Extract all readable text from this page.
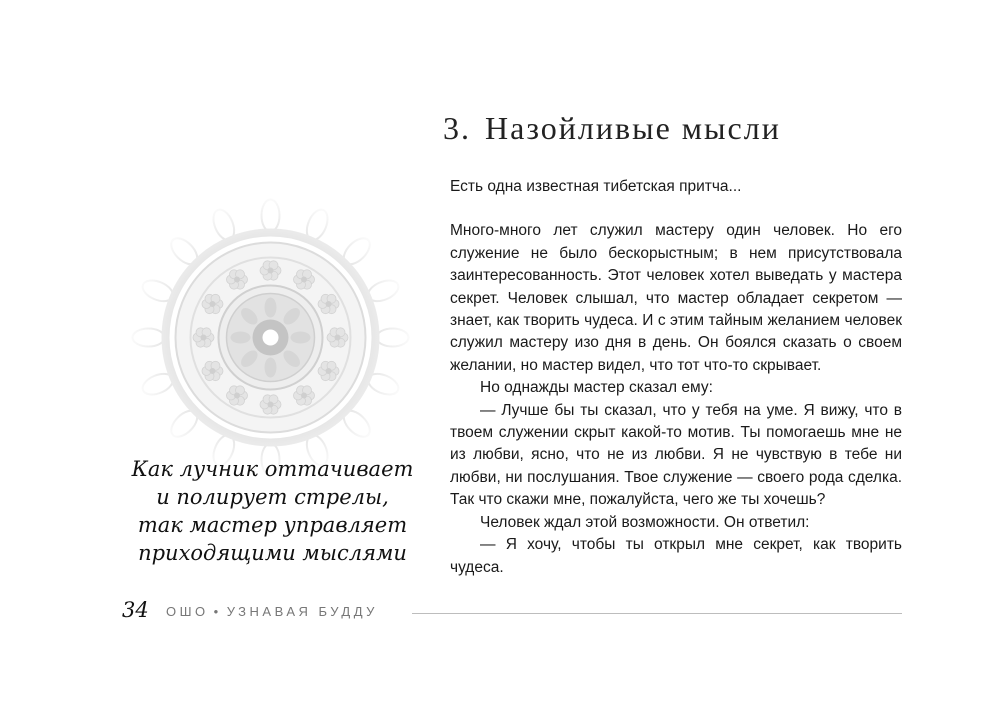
Как лучник оттачивает
и полирует стрелы,
так мастер управляет
приходящими мыслями
3. Назойливые мысли

Есть одна известная тибетская притча...

Много-много лет служил мастеру один человек. Но его служение не было бескорыстным; в нем присутствовала заинтересованность. Этот человек хотел выведать у мастера секрет. Человек слышал, что мастер обладает секретом — знает, как творить чудеса. И с этим тайным желанием человек служил мастеру изо дня в день. Он боялся сказать о своем желании, но мастер видел, что тот что-то скрывает.

Но однажды мастер сказал ему:

— Лучше бы ты сказал, что у тебя на уме. Я вижу, что в твоем служении скрыт какой-то мотив. Ты помогаешь мне не из любви, ясно, что не из любви. Я не чувствую в тебе ни любви, ни послушания. Твое служение — своего рода сделка. Так что скажи мне, пожалуйста, чего же ты хочешь?

Человек ждал этой возможности. Он ответил:

— Я хочу, чтобы ты открыл мне секрет, как творить чудеса.

34 ОШО • УЗНАВАЯ БУДДУ
